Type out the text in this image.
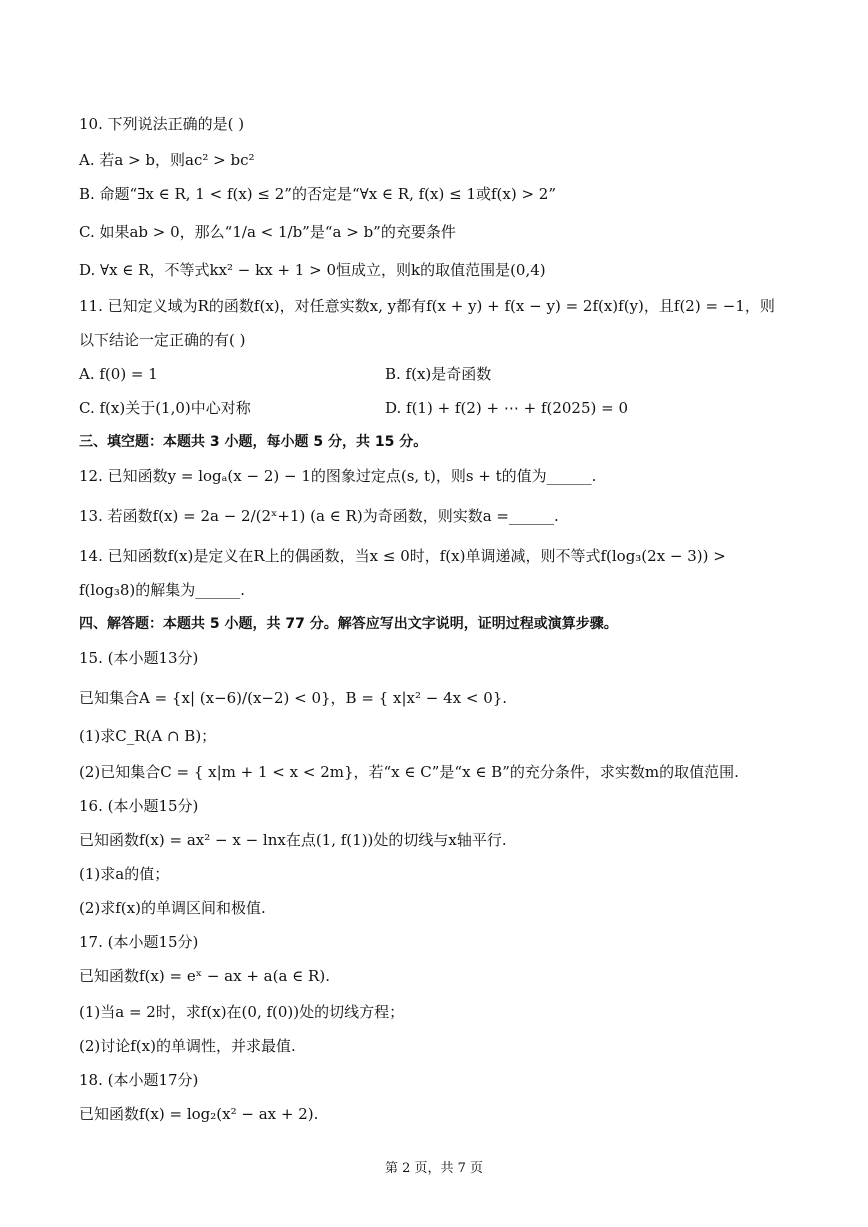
10. 下列说法正确的是( )
A. 若a > b，则ac² > bc²
B. 命题“∃x ∈ R, 1 < f(x) ≤ 2”的否定是“∀x ∈ R, f(x) ≤ 1或f(x) > 2”
C. 如果ab > 0，那么“1/a < 1/b”是“a > b”的充要条件
D. ∀x ∈ R，不等式kx² − kx + 1 > 0恒成立，则k的取值范围是(0,4)
11. 已知定义域为R的函数f(x)，对任意实数x, y都有f(x + y) + f(x − y) = 2f(x)f(y)，且f(2) = −1，则
以下结论一定正确的有( )
A. f(0) = 1	B. f(x)是奇函数
C. f(x)关于(1,0)中心对称	D. f(1) + f(2) + ⋯ + f(2025) = 0
三、填空题：本题共 3 小题，每小题 5 分，共 15 分。
12. 已知函数y = logₐ(x − 2) − 1的图象过定点(s, t)，则s + t的值为______.
13. 若函数f(x) = 2a − 2/(2ˣ+1) (a ∈ R)为奇函数，则实数a =______.
14. 已知函数f(x)是定义在R上的偶函数，当x ≤ 0时，f(x)单调递减，则不等式f(log₃(2x − 3)) >
f(log₃8)的解集为______.
四、解答题：本题共 5 小题，共 77 分。解答应写出文字说明，证明过程或演算步骤。
15. (本小题13分)
已知集合A = {x| (x−6)/(x−2) < 0}，B = { x|x² − 4x < 0}.
(1)求C_R(A ∩ B)；
(2)已知集合C = { x|m + 1 < x < 2m}，若“x ∈ C”是“x ∈ B”的充分条件，求实数m的取值范围.
16. (本小题15分)
已知函数f(x) = ax² − x − lnx在点(1, f(1))处的切线与x轴平行.
(1)求a的值；
(2)求f(x)的单调区间和极值.
17. (本小题15分)
已知函数f(x) = eˣ − ax + a(a ∈ R).
(1)当a = 2时，求f(x)在(0, f(0))处的切线方程；
(2)讨论f(x)的单调性，并求最值.
18. (本小题17分)
已知函数f(x) = log₂(x² − ax + 2).
第 2 页，共 7 页
